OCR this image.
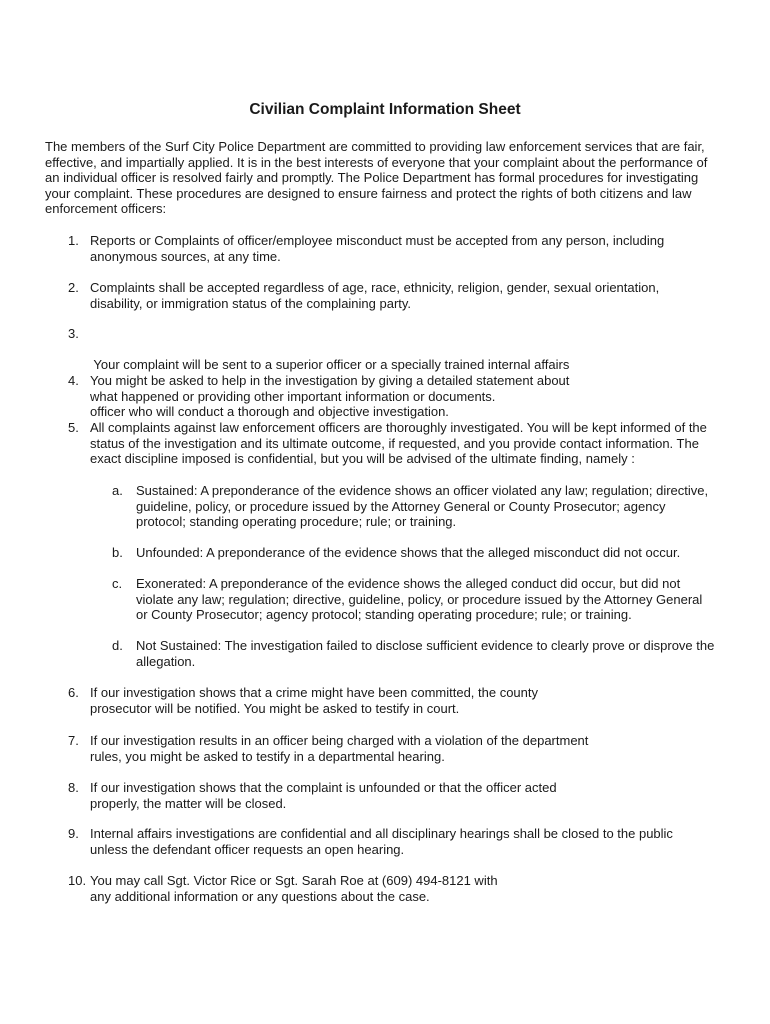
Civilian Complaint Information Sheet
The members of the Surf City Police Department are committed to providing law enforcement services that are fair,
effective, and impartially applied. It is in the best interests of everyone that your complaint about the performance of
an individual officer is resolved fairly and promptly. The Police Department has formal procedures for investigating
your complaint. These procedures are designed to ensure fairness and protect the rights of both citizens and law
enforcement officers:
1. Reports or Complaints of officer/employee misconduct must be accepted from any person, including
anonymous sources, at any time.
2. Complaints shall be accepted regardless of age, race, ethnicity, religion, gender, sexual orientation,
disability, or immigration status of the complaining party.
3.

Your complaint will be sent to a superior officer or a specially trained internal affairs

officer who will conduct a thorough and objective investigation.

4. You might be asked to help in the investigation by giving a detailed statement about
what happened or providing other important information or documents.
5. All complaints against law enforcement officers are thoroughly investigated. You will be kept informed of the
status of the investigation and its ultimate outcome, if requested, and you provide contact information. The
exact discipline imposed is confidential, but you will be advised of the ultimate finding, namely :
a. Sustained: A preponderance of the evidence shows an officer violated any law; regulation; directive,
guideline, policy, or procedure issued by the Attorney General or County Prosecutor; agency
protocol; standing operating procedure; rule; or training.
b. Unfounded: A preponderance of the evidence shows that the alleged misconduct did not occur.
c. Exonerated: A preponderance of the evidence shows the alleged conduct did occur, but did not
violate any law; regulation; directive, guideline, policy, or procedure issued by the Attorney General
or County Prosecutor; agency protocol; standing operating procedure; rule; or training.
d. Not Sustained: The investigation failed to disclose sufficient evidence to clearly prove or disprove the
allegation.
6. If our investigation shows that a crime might have been committed, the county
prosecutor will be notified. You might be asked to testify in court.
7. If our investigation results in an officer being charged with a violation of the department
rules, you might be asked to testify in a departmental hearing.
8. If our investigation shows that the complaint is unfounded or that the officer acted
properly, the matter will be closed.
9. Internal affairs investigations are confidential and all disciplinary hearings shall be closed to the public
unless the defendant officer requests an open hearing.
10. You may call Sgt. Victor Rice or Sgt. Sarah Roe at (609) 494-8121 with
any additional information or any questions about the case.
